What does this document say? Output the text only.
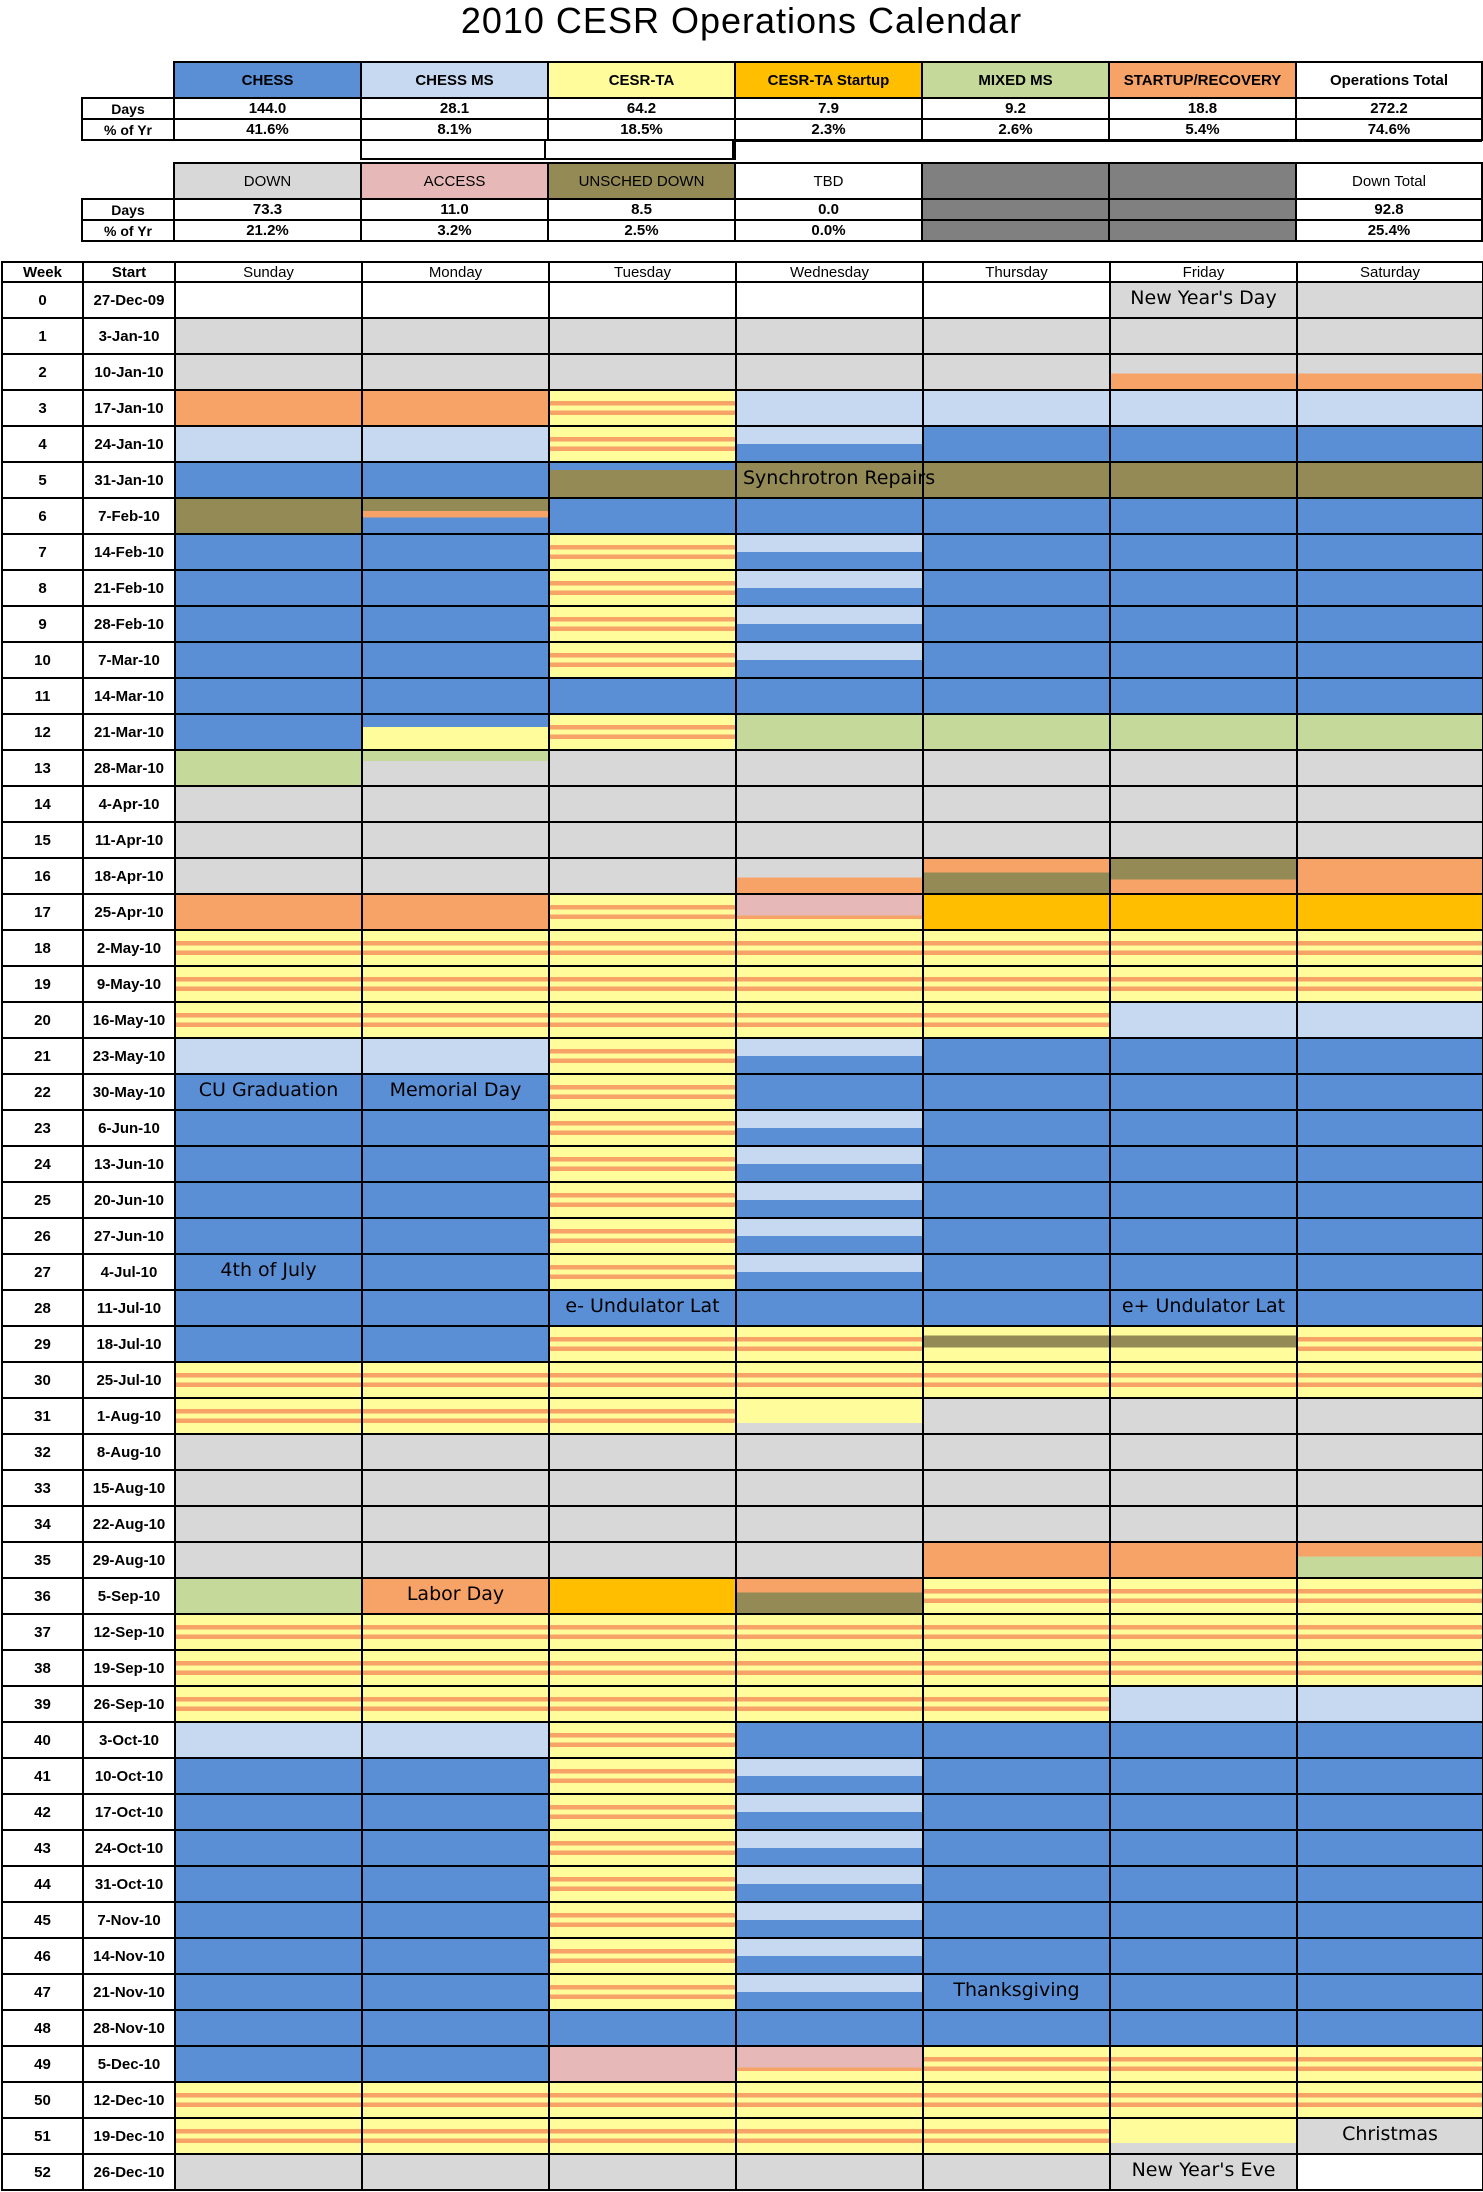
2010 CESR Operations Calendar
	CHESS	CHESS MS	CESR-TA	CESR-TA Startup	MIXED MS	STARTUP/RECOVERY	Operations Total
Days	144.0	28.1	64.2	7.9	9.2	18.8	272.2
% of Yr	41.6%	8.1%	18.5%	2.3%	2.6%	5.4%	74.6%
	DOWN	ACCESS	UNSCHED DOWN	TBD			Down Total
Days	73.3	11.0	8.5	0.0			92.8
% of Yr	21.2%	3.2%	2.5%	0.0%			25.4%
Week	Start	Sunday	Monday	Tuesday	Wednesday	Thursday	Friday	Saturday
0	27-Dec-09						New Year's Day	

1	3-Jan-10							
2	10-Jan-10							
3	17-Jan-10							
4	24-Jan-10							
5	31-Jan-10				Synchrotron Repairs			

6	7-Feb-10							
7	14-Feb-10							
8	21-Feb-10							
9	28-Feb-10							
10	7-Mar-10							
11	14-Mar-10							
12	21-Mar-10							
13	28-Mar-10							
14	4-Apr-10							
15	11-Apr-10							
16	18-Apr-10							
17	25-Apr-10							
18	2-May-10							
19	9-May-10							
20	16-May-10							
21	23-May-10							
22	30-May-10	CU Graduation	Memorial Day					

23	6-Jun-10							
24	13-Jun-10							
25	20-Jun-10							
26	27-Jun-10							
27	4-Jul-10	4th of July						

28	11-Jul-10			e- Undulator Lat			e+ Undulator Lat	

29	18-Jul-10							
30	25-Jul-10							
31	1-Aug-10							
32	8-Aug-10							
33	15-Aug-10							
34	22-Aug-10							
35	29-Aug-10							
36	5-Sep-10		Labor Day					

37	12-Sep-10							
38	19-Sep-10							
39	26-Sep-10							
40	3-Oct-10							
41	10-Oct-10							
42	17-Oct-10							
43	24-Oct-10							
44	31-Oct-10							
45	7-Nov-10							
46	14-Nov-10							
47	21-Nov-10					Thanksgiving		

48	28-Nov-10							
49	5-Dec-10							
50	12-Dec-10							
51	19-Dec-10							Christmas

52	26-Dec-10						New Year's Eve	
